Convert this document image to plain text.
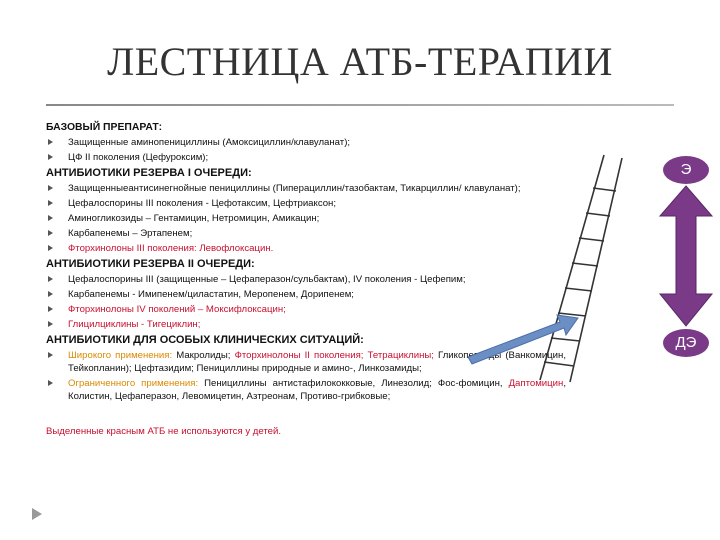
ЛЕСТНИЦА АТБ-ТЕРАПИИ
БАЗОВЫЙ ПРЕПАРАТ:
Защищенные аминопенициллины (Амоксициллин/клавуланат);
ЦФ II поколения (Цефуроксим);
АНТИБИОТИКИ РЕЗЕРВА I ОЧЕРЕДИ:
Защищенныеантисинегнойные пенициллины (Пиперациллин/тазобактам, Тикарциллин/ клавуланат);
Цефалоспорины III поколения - Цефотаксим, Цефтриаксон;
Аминогликозиды – Гентамицин, Нетромицин, Амикацин;
Карбапенемы – Эртапенем;
Фторхинолоны III поколения: Левофлоксацин.
АНТИБИОТИКИ РЕЗЕРВА II ОЧЕРЕДИ:
Цефалоспорины III (защищенные – Цефаперазон/сульбактам), IV поколения - Цефепим;
Карбапенемы - Имипенем/циластатин, Меропенем, Дорипенем;
Фторхинолоны IV поколений – Моксифлоксацин;
Глицилциклины - Тигециклин;
АНТИБИОТИКИ ДЛЯ ОСОБЫХ КЛИНИЧЕСКИХ СИТУАЦИЙ:
Широкого применения: Макролиды; Фторхинолоны II поколения; Тетрациклины; Гликопептиды (Ванкомицин, Тейкопланин); Цефтазидим; Пенициллины природные и амино-, Линкозамиды;
Ограниченного применения: Пенициллины антистафилококковые, Линезолид; Фос-фомицин, Даптомицин, Колистин, Цефаперазон, Левомицетин, Азтреонам, Противо-грибковые;
Выделенные красным АТБ не используются у детей.
Э
ДЭ
